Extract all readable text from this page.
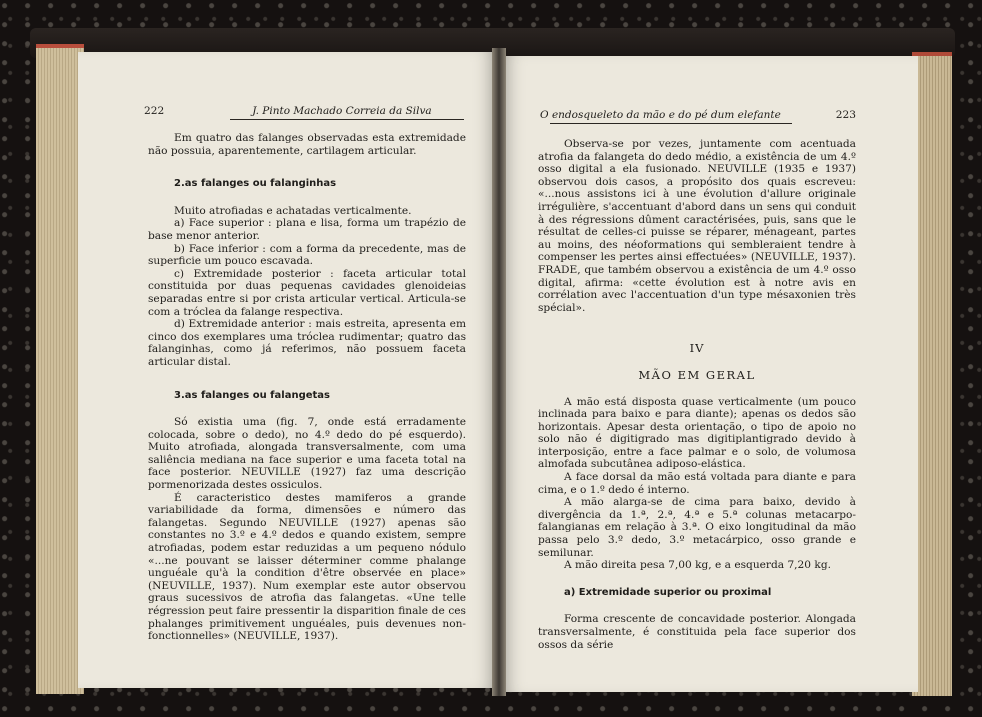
222	J. Pinto Machado Correia da Silva

Em quatro das falanges observadas esta extremidade não possuia, aparentemente, cartilagem articular.

2.as falanges ou falanginhas

Muito atrofiadas e achatadas verticalmente.

a) Face superior : plana e lisa, forma um trapézio de base menor anterior.

b) Face inferior : com a forma da precedente, mas de superficie um pouco escavada.

c) Extremidade posterior : faceta articular total constituida por duas pequenas cavidades glenoideias separadas entre si por crista articular vertical. Articula-se com a tróclea da falange respectiva.

d) Extremidade anterior : mais estreita, apresenta em cinco dos exemplares uma tróclea rudimentar; quatro das falanginhas, como já referimos, não possuem faceta articular distal.

3.as falanges ou falangetas

Só existia uma (fig. 7, onde está erradamente colocada, sobre o dedo), no 4.º dedo do pé esquerdo). Muito atrofiada, alongada transversalmente, com uma saliência mediana na face superior e uma faceta total na face posterior. NEUVILLE (1927) faz uma descrição pormenorizada destes ossiculos.

É caracteristico destes mamiferos a grande variabilidade da forma, dimensões e número das falangetas. Segundo NEUVILLE (1927) apenas são constantes no 3.º e 4.º dedos e quando existem, sempre atrofiadas, podem estar reduzidas a um pequeno nódulo «...ne pouvant se laisser déterminer comme phalange unguéale qu'à la condition d'être observée en place» (NEUVILLE, 1937). Num exemplar este autor observou graus sucessivos de atrofia das falangetas. «Une telle régression peut faire pressentir la disparition finale de ces phalanges primitivement unguéales, puis devenues non-fonctionnelles» (NEUVILLE, 1937).

O endosqueleto da mão e do pé dum elefante	223

Observa-se por vezes, juntamente com acentuada atrofia da falangeta do dedo médio, a existência de um 4.º osso digital a ela fusionado. NEUVILLE (1935 e 1937) observou dois casos, a propósito dos quais escreveu: «...nous assistons ici à une évolution d'allure originale irrégulière, s'accentuant d'abord dans un sens qui conduit à des régressions dûment caractérisées, puis, sans que le résultat de celles-ci puisse se réparer, ménageant, partes au moins, des néoformations qui sembleraient tendre à compenser les pertes ainsi effectuées» (NEUVILLE, 1937). FRADE, que também observou a existência de um 4.º osso digital, afirma: «cette évolution est à notre avis en corrélation avec l'accentuation d'un type mésaxonien très spécial».

IV

MÃO EM GERAL

A mão está disposta quase verticalmente (um pouco inclinada para baixo e para diante); apenas os dedos são horizontais. Apesar desta orientação, o tipo de apoio no solo não é digitigrado mas digitiplantigrado devido à interposição, entre a face palmar e o solo, de volumosa almofada subcutânea adiposo-elástica.

A face dorsal da mão está voltada para diante e para cima, e o 1.º dedo é interno.

A mão alarga-se de cima para baixo, devido à divergência da 1.ª, 2.ª, 4.ª e 5.ª colunas metacarpo-falangianas em relação à 3.ª. O eixo longitudinal da mão passa pelo 3.º dedo, 3.º metacárpico, osso grande e semilunar.

A mão direita pesa 7,00 kg, e a esquerda 7,20 kg.

a) Extremidade superior ou proximal

Forma crescente de concavidade posterior. Alongada transversalmente, é constituida pela face superior dos ossos da série
